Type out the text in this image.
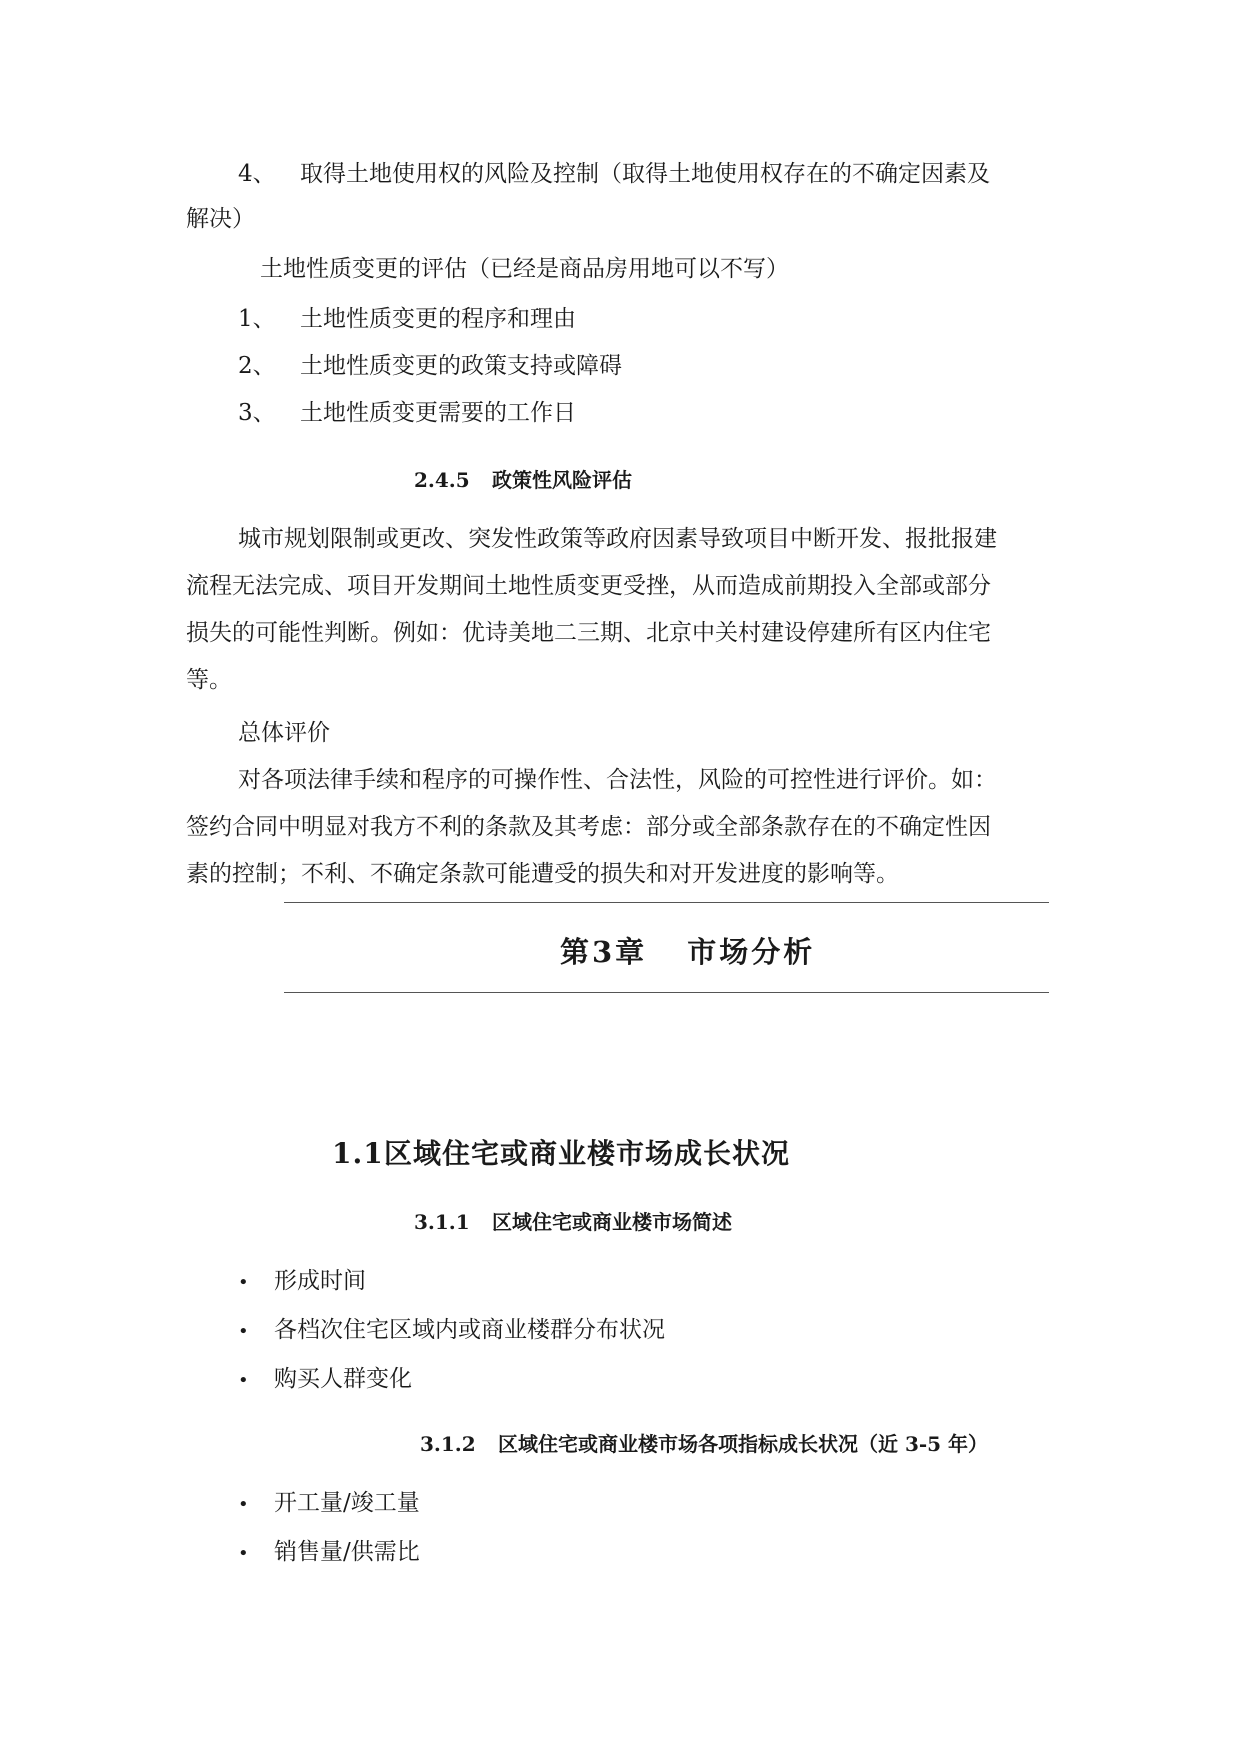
4、 取得土地使用权的风险及控制（取得土地使用权存在的不确定因素及
解决）
土地性质变更的评估（已经是商品房用地可以不写）
1、 土地性质变更的程序和理由
2、 土地性质变更的政策支持或障碍
3、 土地性质变更需要的工作日
2.4.5 政策性风险评估
城市规划限制或更改、突发性政策等政府因素导致项目中断开发、报批报建
流程无法完成、项目开发期间土地性质变更受挫，从而造成前期投入全部或部分
损失的可能性判断。例如：优诗美地二三期、北京中关村建设停建所有区内住宅
等。
总体评价
对各项法律手续和程序的可操作性、合法性，风险的可控性进行评价。如：
签约合同中明显对我方不利的条款及其考虑：部分或全部条款存在的不确定性因
素的控制；不利、不确定条款可能遭受的损失和对开发进度的影响等。
第3章 市场分析
1.1区域住宅或商业楼市场成长状况
3.1.1 区域住宅或商业楼市场简述
• 形成时间
• 各档次住宅区域内或商业楼群分布状况
• 购买人群变化
3.1.2 区域住宅或商业楼市场各项指标成长状况（近 3-5 年）
• 开工量/竣工量
• 销售量/供需比
